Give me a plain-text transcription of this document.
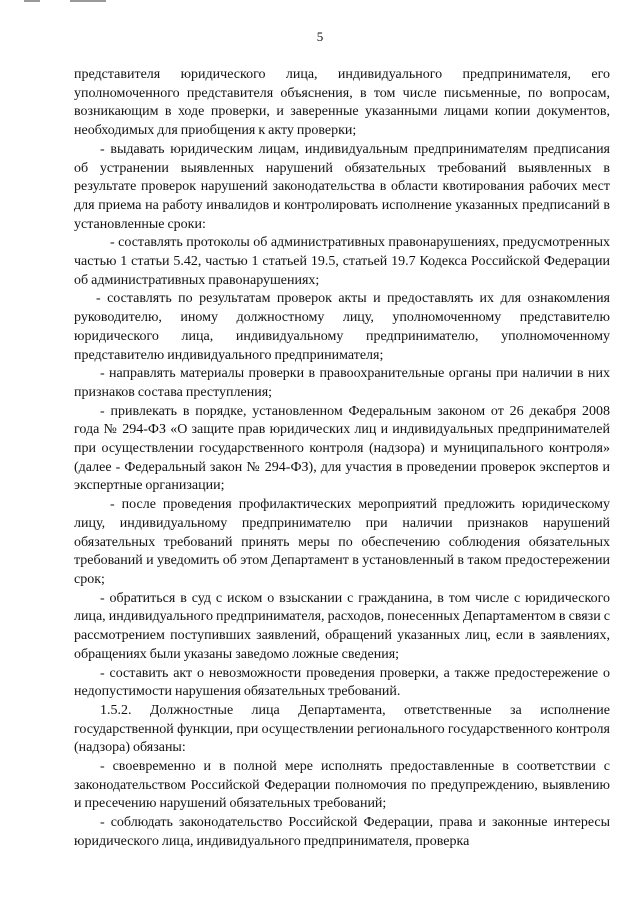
5

представителя юридического лица, индивидуального предпринимателя, его уполномоченного представителя объяснения, в том числе письменные, по вопросам, возникающим в ходе проверки, и заверенные указанными лицами копии документов, необходимых для приобщения к акту проверки;

- выдавать юридическим лицам, индивидуальным предпринимателям предписания об устранении выявленных нарушений обязательных требований выявленных в результате проверок нарушений законодательства в области квотирования рабочих мест для приема на работу инвалидов и контролировать исполнение указанных предписаний в установленные сроки:

- составлять протоколы об административных правонарушениях, предусмотренных частью 1 статьи 5.42, частью 1 статьей 19.5, статьей 19.7 Кодекса Российской Федерации об административных правонарушениях;

- составлять по результатам проверок акты и предоставлять их для ознакомления руководителю, иному должностному лицу, уполномоченному представителю юридического лица, индивидуальному предпринимателю, уполномоченному представителю индивидуального предпринимателя;

- направлять материалы проверки в правоохранительные органы при наличии в них признаков состава преступления;

- привлекать в порядке, установленном Федеральным законом от 26 декабря 2008 года № 294-ФЗ «О защите прав юридических лиц и индивидуальных предпринимателей при осуществлении государственного контроля (надзора) и муниципального контроля» (далее - Федеральный закон № 294-ФЗ), для участия в проведении проверок экспертов и экспертные организации;

- после проведения профилактических мероприятий предложить юридическому лицу, индивидуальному предпринимателю при наличии признаков нарушений обязательных требований принять меры по обеспечению соблюдения обязательных требований и уведомить об этом Департамент в установленный в таком предостережении срок;

- обратиться в суд с иском о взыскании с гражданина, в том числе с юридического лица, индивидуального предпринимателя, расходов, понесенных Департаментом в связи с рассмотрением поступивших заявлений, обращений указанных лиц, если в заявлениях, обращениях были указаны заведомо ложные сведения;

- составить акт о невозможности проведения проверки, а также предостережение о недопустимости нарушения обязательных требований.

1.5.2. Должностные лица Департамента, ответственные за исполнение государственной функции, при осуществлении регионального государственного контроля (надзора) обязаны:

- своевременно и в полной мере исполнять предоставленные в соответствии с законодательством Российской Федерации полномочия по предупреждению, выявлению и пресечению нарушений обязательных требований;

- соблюдать законодательство Российской Федерации, права и законные интересы юридического лица, индивидуального предпринимателя, проверка
